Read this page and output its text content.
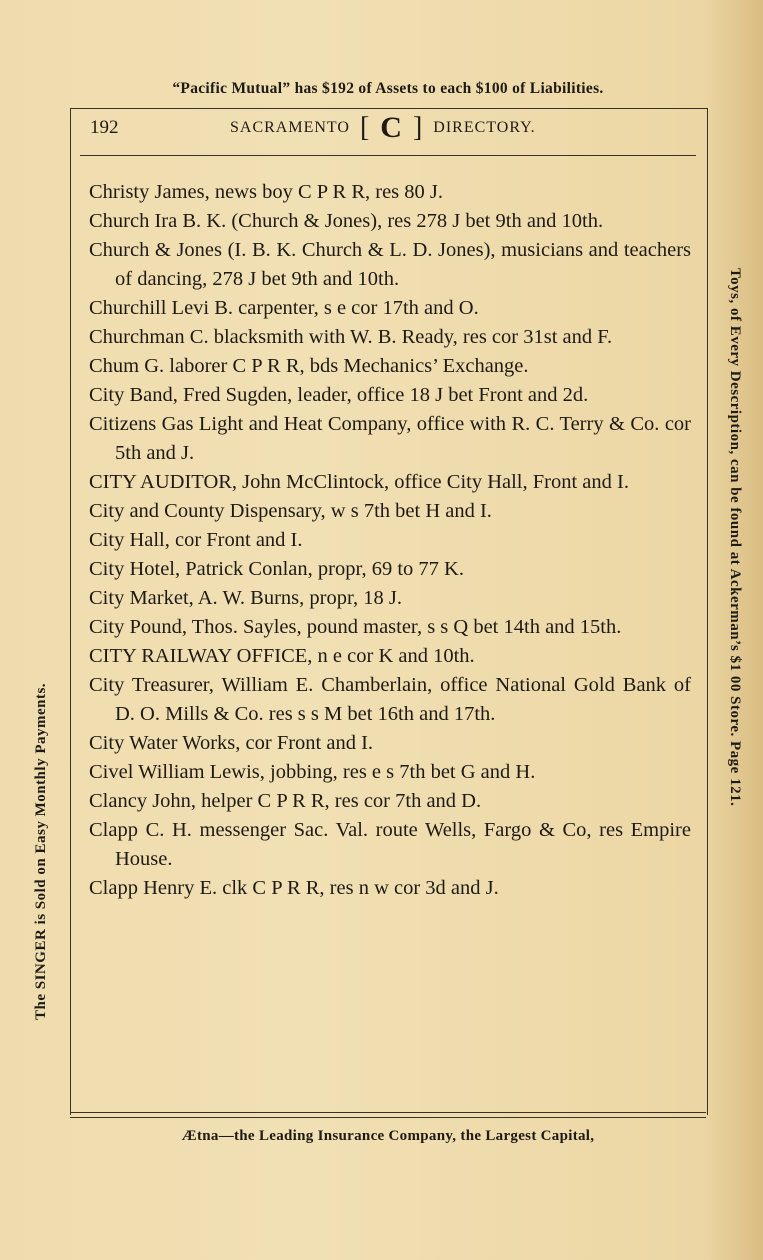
“Pacific Mutual” has $192 of Assets to each $100 of Liabilities.
192	SACRAMENTO [ C ] DIRECTORY.
Christy James, news boy C P R R, res 80 J.
Church Ira B. K. (Church & Jones), res 278 J bet 9th and 10th.
Church & Jones (I. B. K. Church & L. D. Jones), musicians and teachers of dancing, 278 J bet 9th and 10th.
Churchill Levi B. carpenter, s e cor 17th and O.
Churchman C. blacksmith with W. B. Ready, res cor 31st and F.
Chum G. laborer C P R R, bds Mechanics’ Exchange.
City Band, Fred Sugden, leader, office 18 J bet Front and 2d.
Citizens Gas Light and Heat Company, office with R. C. Terry & Co. cor 5th and J.
CITY AUDITOR, John McClintock, office City Hall, Front and I.
City and County Dispensary, w s 7th bet H and I.
City Hall, cor Front and I.
City Hotel, Patrick Conlan, propr, 69 to 77 K.
City Market, A. W. Burns, propr, 18 J.
City Pound, Thos. Sayles, pound master, s s Q bet 14th and 15th.
CITY RAILWAY OFFICE, n e cor K and 10th.
City Treasurer, William E. Chamberlain, office National Gold Bank of D. O. Mills & Co. res s s M bet 16th and 17th.
City Water Works, cor Front and I.
Civel William Lewis, jobbing, res e s 7th bet G and H.
Clancy John, helper C P R R, res cor 7th and D.
Clapp C. H. messenger Sac. Val. route Wells, Fargo & Co, res Empire House.
Clapp Henry E. clk C P R R, res n w cor 3d and J.
The SINGER is Sold on Easy Monthly Payments.
Toys, of Every Description, can be found at Ackerman’s $1 00 Store. Page 121.
Ætna—the Leading Insurance Company, the Largest Capital,
